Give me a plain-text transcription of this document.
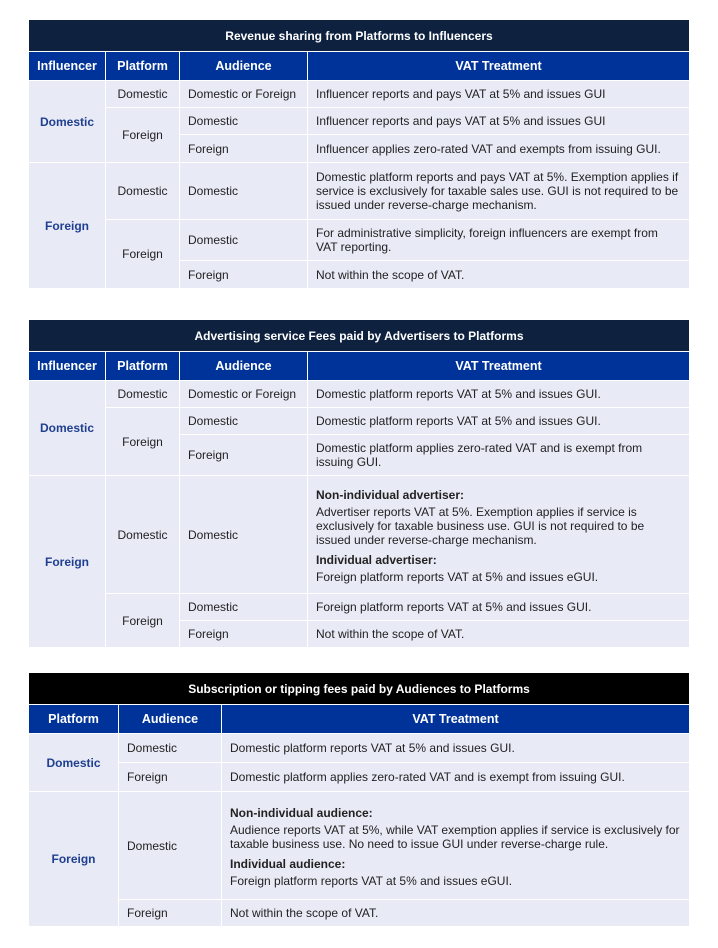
Revenue sharing from Platforms to Influencers			
Influencer	Platform	Audience	VAT Treatment
Domestic	Domestic	Domestic or Foreign	Influencer reports and pays VAT at 5% and issues GUI
	Foreign	Domestic	Influencer reports and pays VAT at 5% and issues GUI
		Foreign	Influencer applies zero-rated VAT and exempts from issuing GUI.
Foreign	Domestic	Domestic	Domestic platform reports and pays VAT at 5%. Exemption applies if service is exclusively for taxable sales use. GUI is not required to be issued under reverse-charge mechanism.
	Foreign	Domestic	For administrative simplicity, foreign influencers are exempt from VAT reporting.
		Foreign	Not within the scope of VAT.
Advertising service Fees paid by Advertisers to Platforms			
Influencer	Platform	Audience	VAT Treatment
Domestic	Domestic	Domestic or Foreign	Domestic platform reports VAT at 5% and issues GUI.
	Foreign	Domestic	Domestic platform reports VAT at 5% and issues GUI.
		Foreign	Domestic platform applies zero-rated VAT and is exempt from issuing GUI.
Foreign	Domestic	Domestic	Non-individual advertiser:
Advertiser reports VAT at 5%. Exemption applies if service is exclusively for taxable business use. GUI is not required to be issued under reverse-charge mechanism.
Individual advertiser:
Foreign platform reports VAT at 5% and issues eGUI.

	Foreign	Domestic	Foreign platform reports VAT at 5% and issues GUI.
		Foreign	Not within the scope of VAT.
Subscription or tipping fees paid by Audiences to Platforms		
Platform	Audience	VAT Treatment
Domestic	Domestic	Domestic platform reports VAT at 5% and issues GUI.
	Foreign	Domestic platform applies zero-rated VAT and is exempt from issuing GUI.
Foreign	Domestic	Non-individual audience:
Audience reports VAT at 5%, while VAT exemption applies if service is exclusively for taxable business use. No need to issue GUI under reverse-charge rule.
Individual audience:
Foreign platform reports VAT at 5% and issues eGUI.

	Foreign	Not within the scope of VAT.
